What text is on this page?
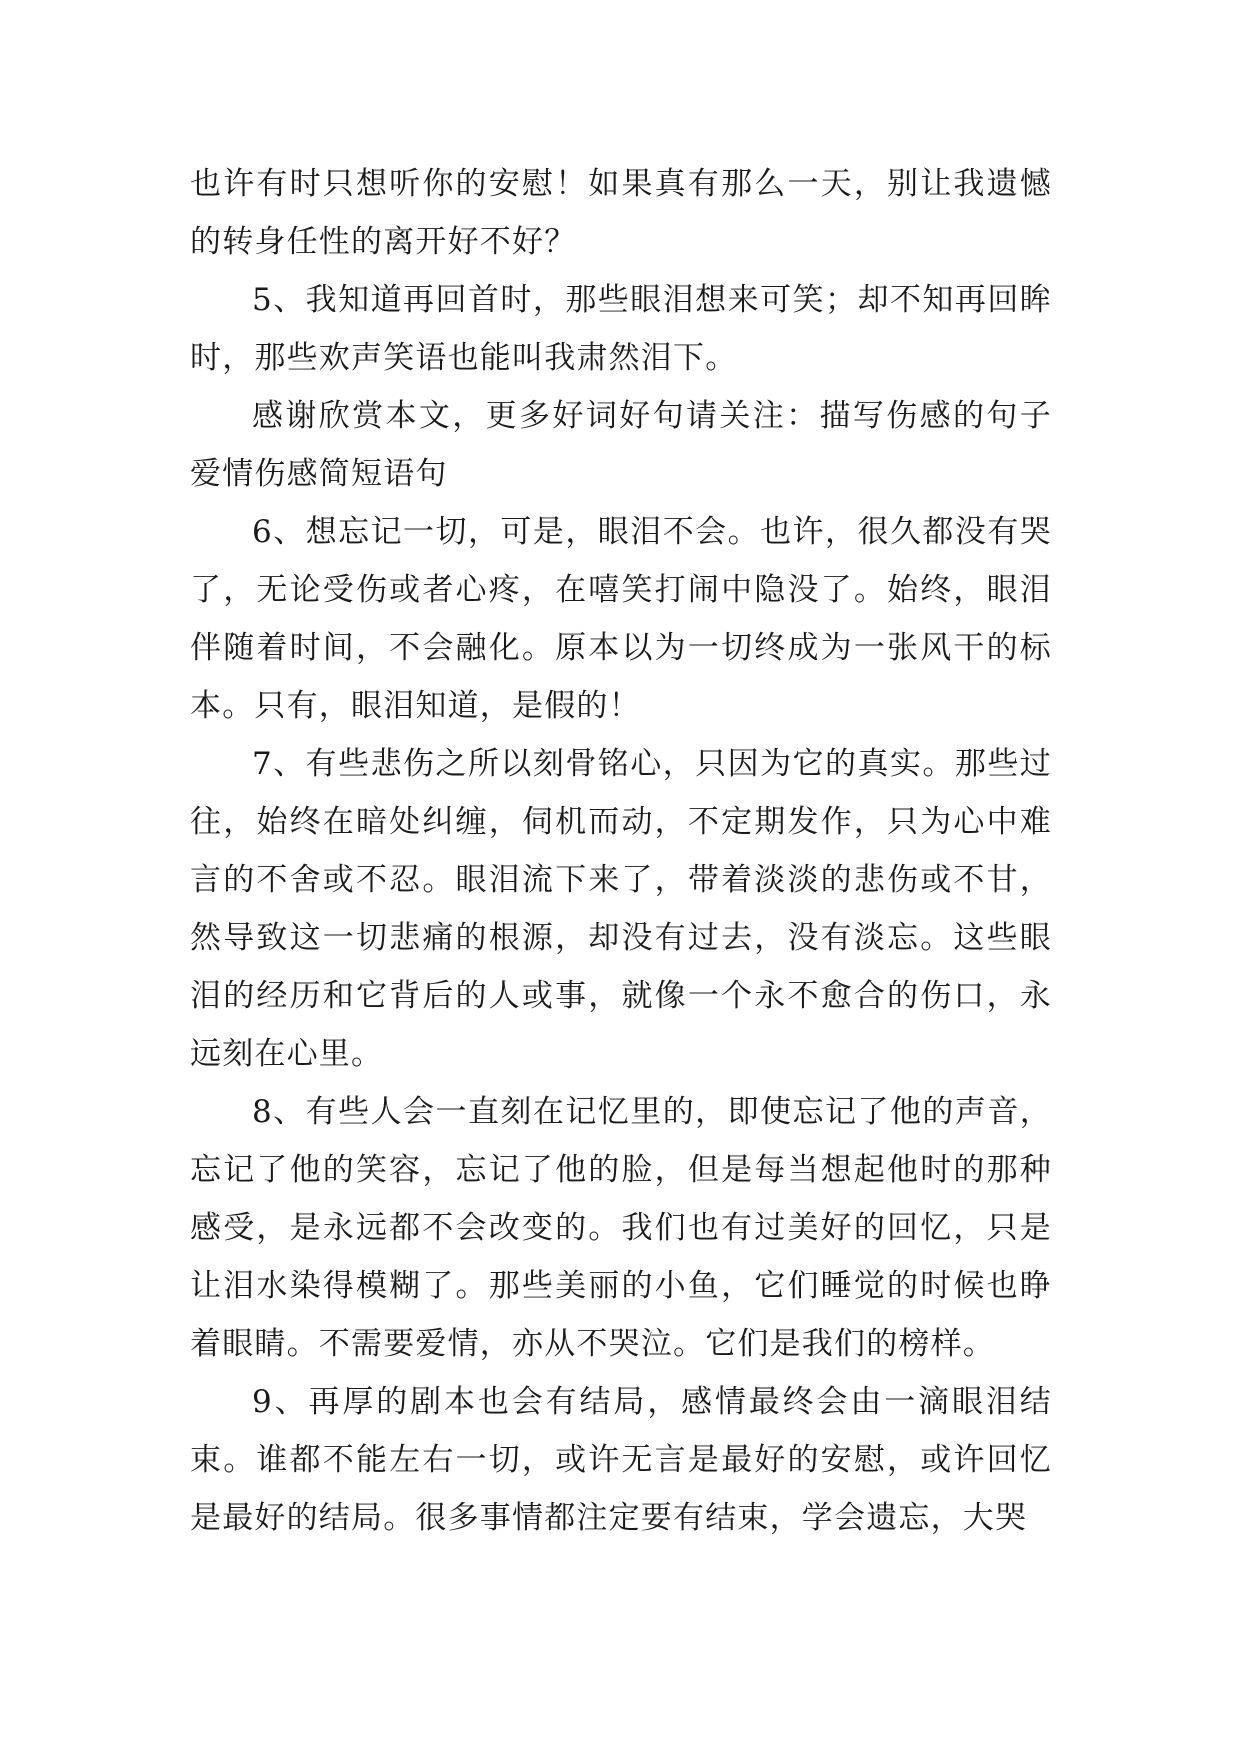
也许有时只想听你的安慰！如果真有那么一天，别让我遗憾的转身任性的离开好不好？

5、我知道再回首时，那些眼泪想来可笑；却不知再回眸时，那些欢声笑语也能叫我肃然泪下。

感谢欣赏本文，更多好词好句请关注：描写伤感的句子爱情伤感简短语句

6、想忘记一切，可是，眼泪不会。也许，很久都没有哭了，无论受伤或者心疼，在嘻笑打闹中隐没了。始终，眼泪伴随着时间，不会融化。原本以为一切终成为一张风干的标本。只有，眼泪知道，是假的！

7、有些悲伤之所以刻骨铭心，只因为它的真实。那些过往，始终在暗处纠缠，伺机而动，不定期发作，只为心中难言的不舍或不忍。眼泪流下来了，带着淡淡的悲伤或不甘，然导致这一切悲痛的根源，却没有过去，没有淡忘。这些眼泪的经历和它背后的人或事，就像一个永不愈合的伤口，永远刻在心里。

8、有些人会一直刻在记忆里的，即使忘记了他的声音，忘记了他的笑容，忘记了他的脸，但是每当想起他时的那种感受，是永远都不会改变的。我们也有过美好的回忆，只是让泪水染得模糊了。那些美丽的小鱼，它们睡觉的时候也睁着眼睛。不需要爱情，亦从不哭泣。它们是我们的榜样。

9、再厚的剧本也会有结局，感情最终会由一滴眼泪结束。谁都不能左右一切，或许无言是最好的安慰，或许回忆是最好的结局。很多事情都注定要有结束，学会遗忘，大哭
